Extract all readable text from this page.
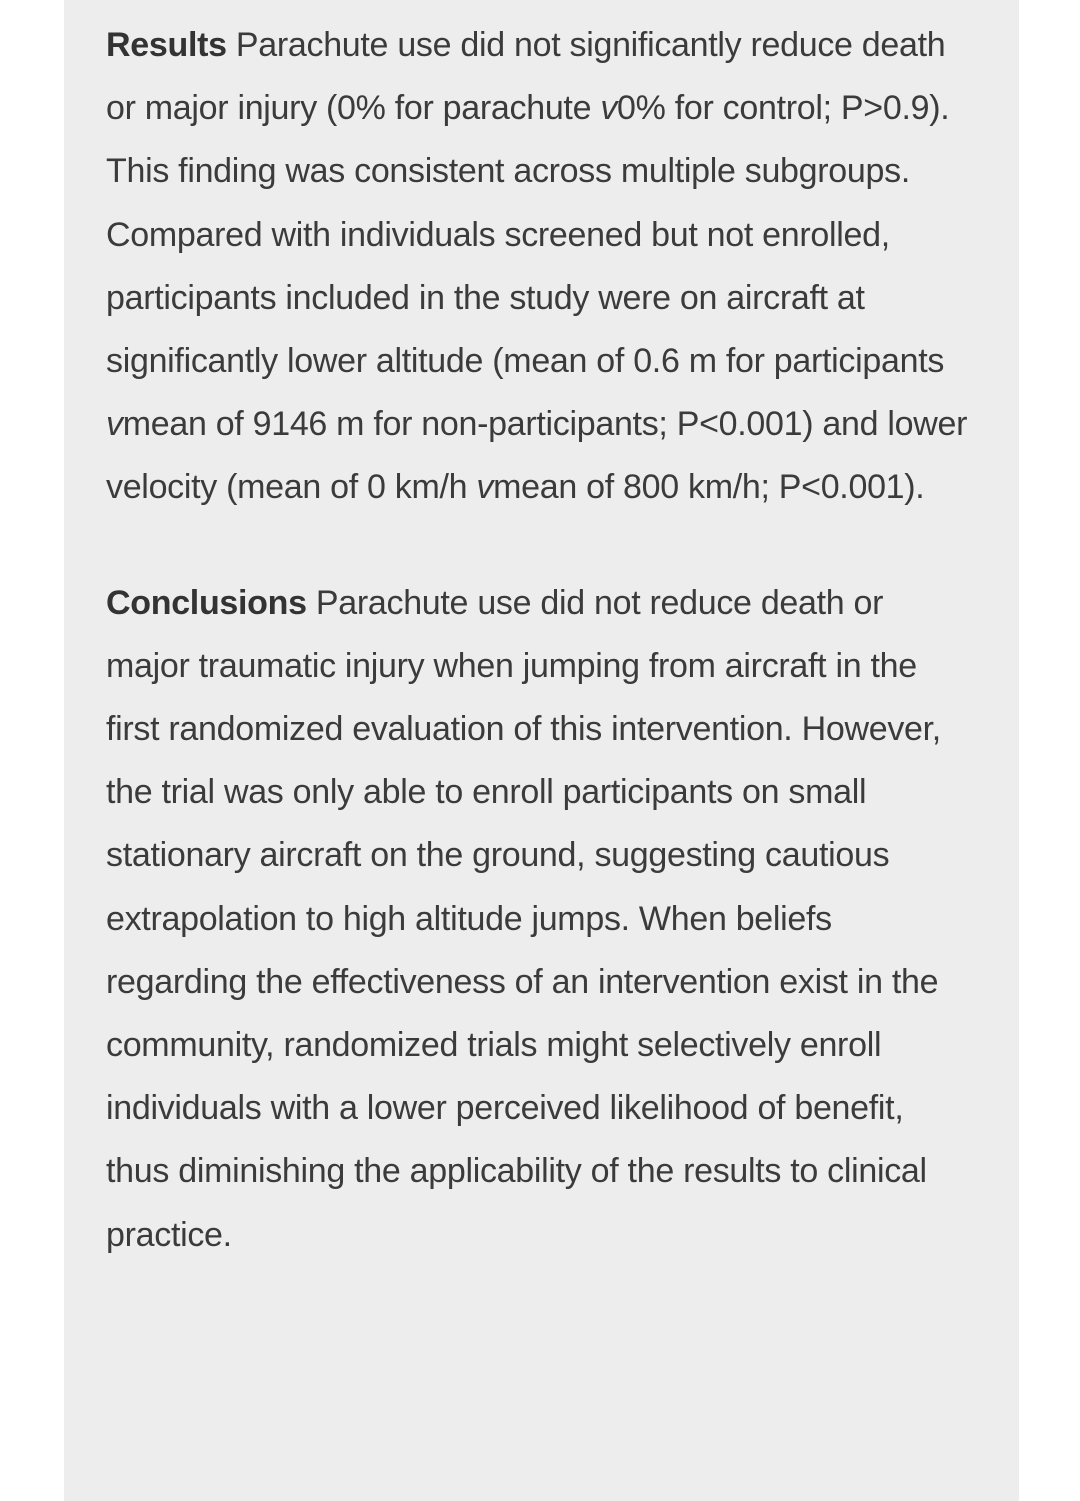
Results Parachute use did not significantly reduce death or major injury (0% for parachute v0% for control; P>0.9). This finding was consistent across multiple subgroups. Compared with individuals screened but not enrolled, participants included in the study were on aircraft at significantly lower altitude (mean of 0.6 m for participants vmean of 9146 m for non-participants; P<0.001) and lower velocity (mean of 0 km/h vmean of 800 km/h; P<0.001).

Conclusions Parachute use did not reduce death or major traumatic injury when jumping from aircraft in the first randomized evaluation of this intervention. However, the trial was only able to enroll participants on small stationary aircraft on the ground, suggesting cautious extrapolation to high altitude jumps. When beliefs regarding the effectiveness of an intervention exist in the community, randomized trials might selectively enroll individuals with a lower perceived likelihood of benefit, thus diminishing the applicability of the results to clinical practice.
